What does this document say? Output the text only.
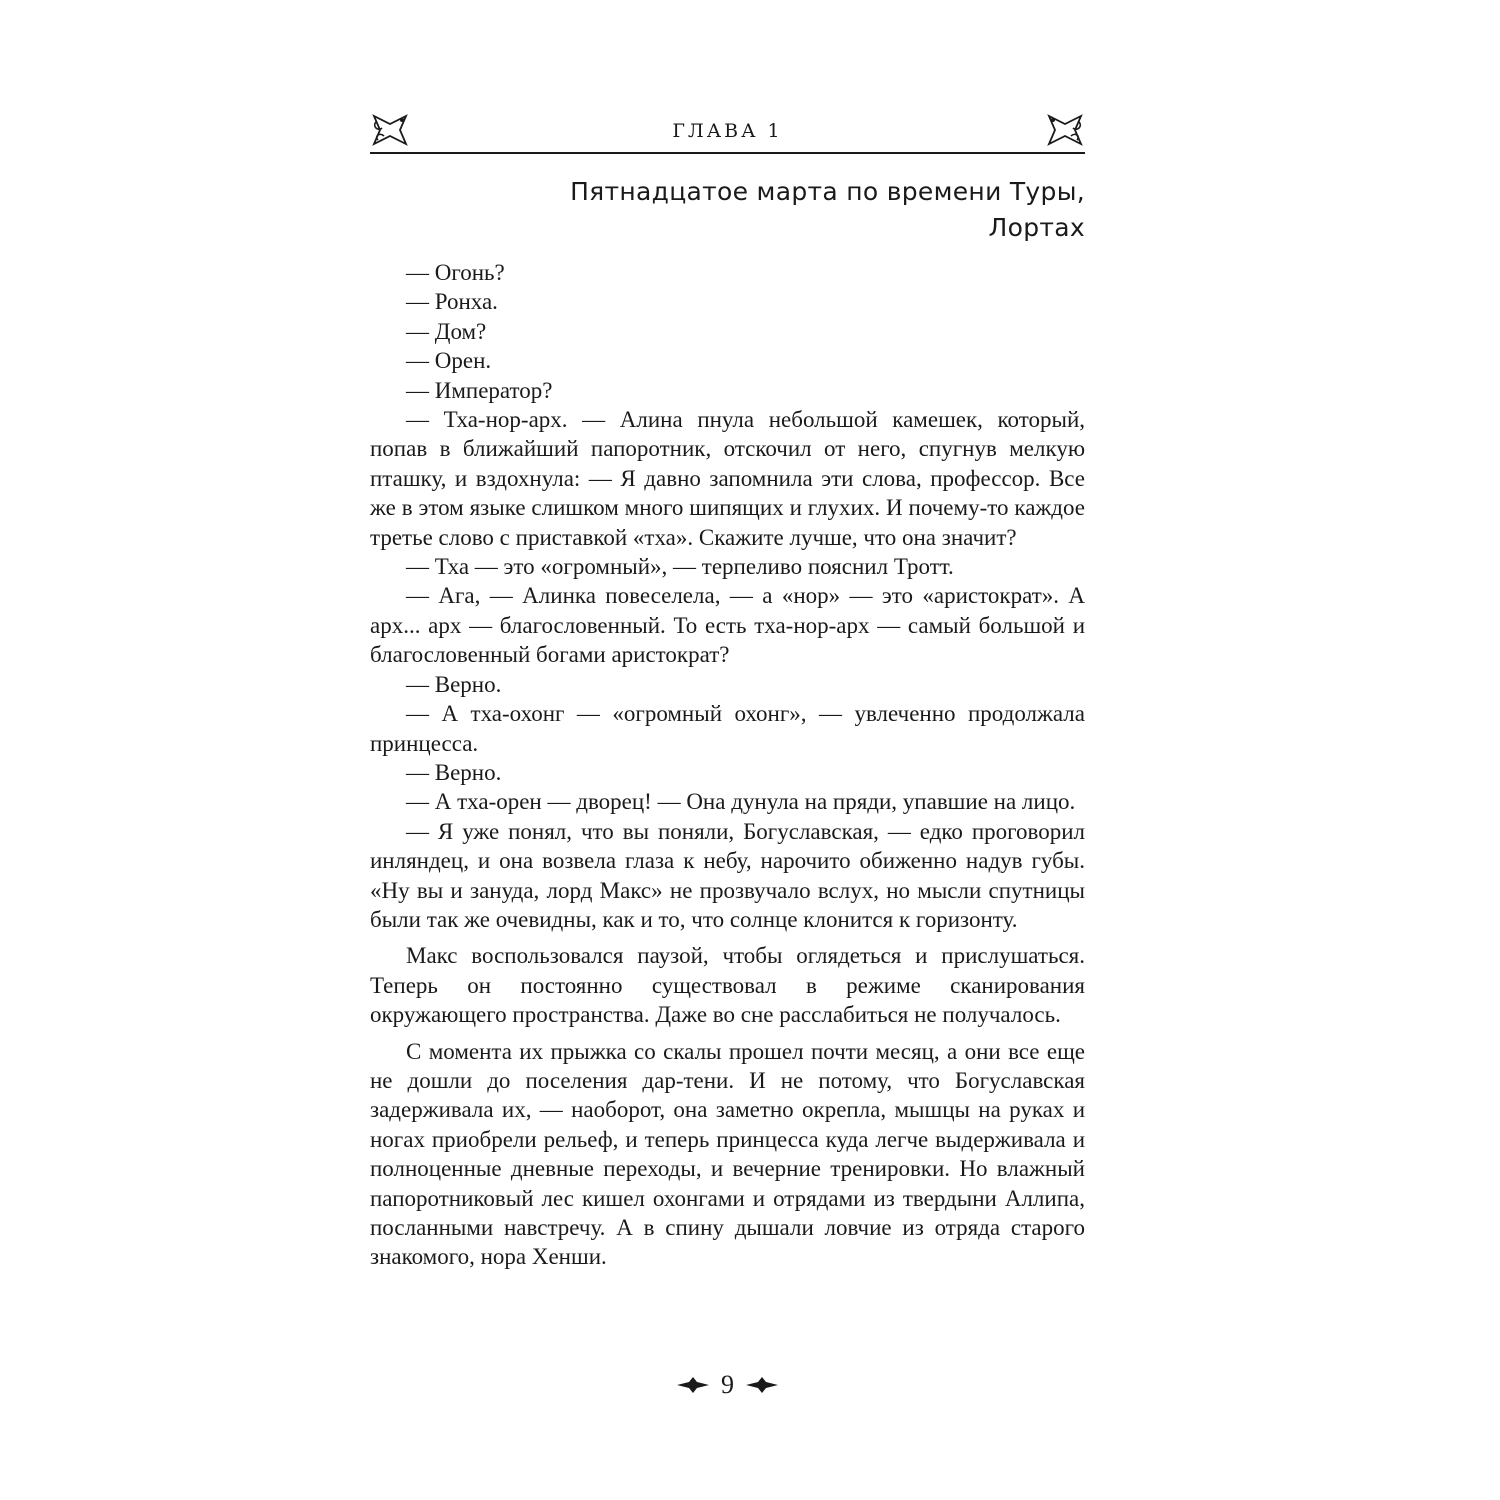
ГЛАВА 1
Пятнадцатое марта по времени Туры,
Лортах

— Огонь?

— Ронха.

— Дом?

— Орен.

— Император?

— Тха-нор-арх. — Алина пнула небольшой камешек, который, попав в ближайший папоротник, отскочил от него, спугнув мелкую пташку, и вздохнула: — Я давно запомнила эти слова, профессор. Все же в этом языке слишком много шипящих и глухих. И почему-то каждое третье слово с приставкой «тха». Скажите лучше, что она значит?

— Тха — это «огромный», — терпеливо пояснил Тротт.

— Ага, — Алинка повеселела, — а «нор» — это «аристократ». А арх... арх — благословенный. То есть тха-нор-арх — самый большой и благословенный богами аристократ?

— Верно.

— А тха-охонг — «огромный охонг», — увлеченно продолжала принцесса.

— Верно.

— А тха-орен — дворец! — Она дунула на пряди, упавшие на лицо.

— Я уже понял, что вы поняли, Богуславская, — едко проговорил инляндец, и она возвела глаза к небу, нарочито обиженно надув губы. «Ну вы и зануда, лорд Макс» не прозвучало вслух, но мысли спутницы были так же очевидны, как и то, что солнце клонится к горизонту.

Макс воспользовался паузой, чтобы оглядеться и прислушаться. Теперь он постоянно существовал в режиме сканирования окружающего пространства. Даже во сне расслабиться не получалось.

С момента их прыжка со скалы прошел почти месяц, а они все еще не дошли до поселения дар-тени. И не потому, что Богуславская задерживала их, — наоборот, она заметно окрепла, мышцы на руках и ногах приобрели рельеф, и теперь принцесса куда легче выдерживала и полноценные дневные переходы, и вечерние тренировки. Но влажный папоротниковый лес кишел охонгами и отрядами из твердыни Аллипа, посланными навстречу. А в спину дышали ловчие из отряда старого знакомого, нора Хенши.

9
